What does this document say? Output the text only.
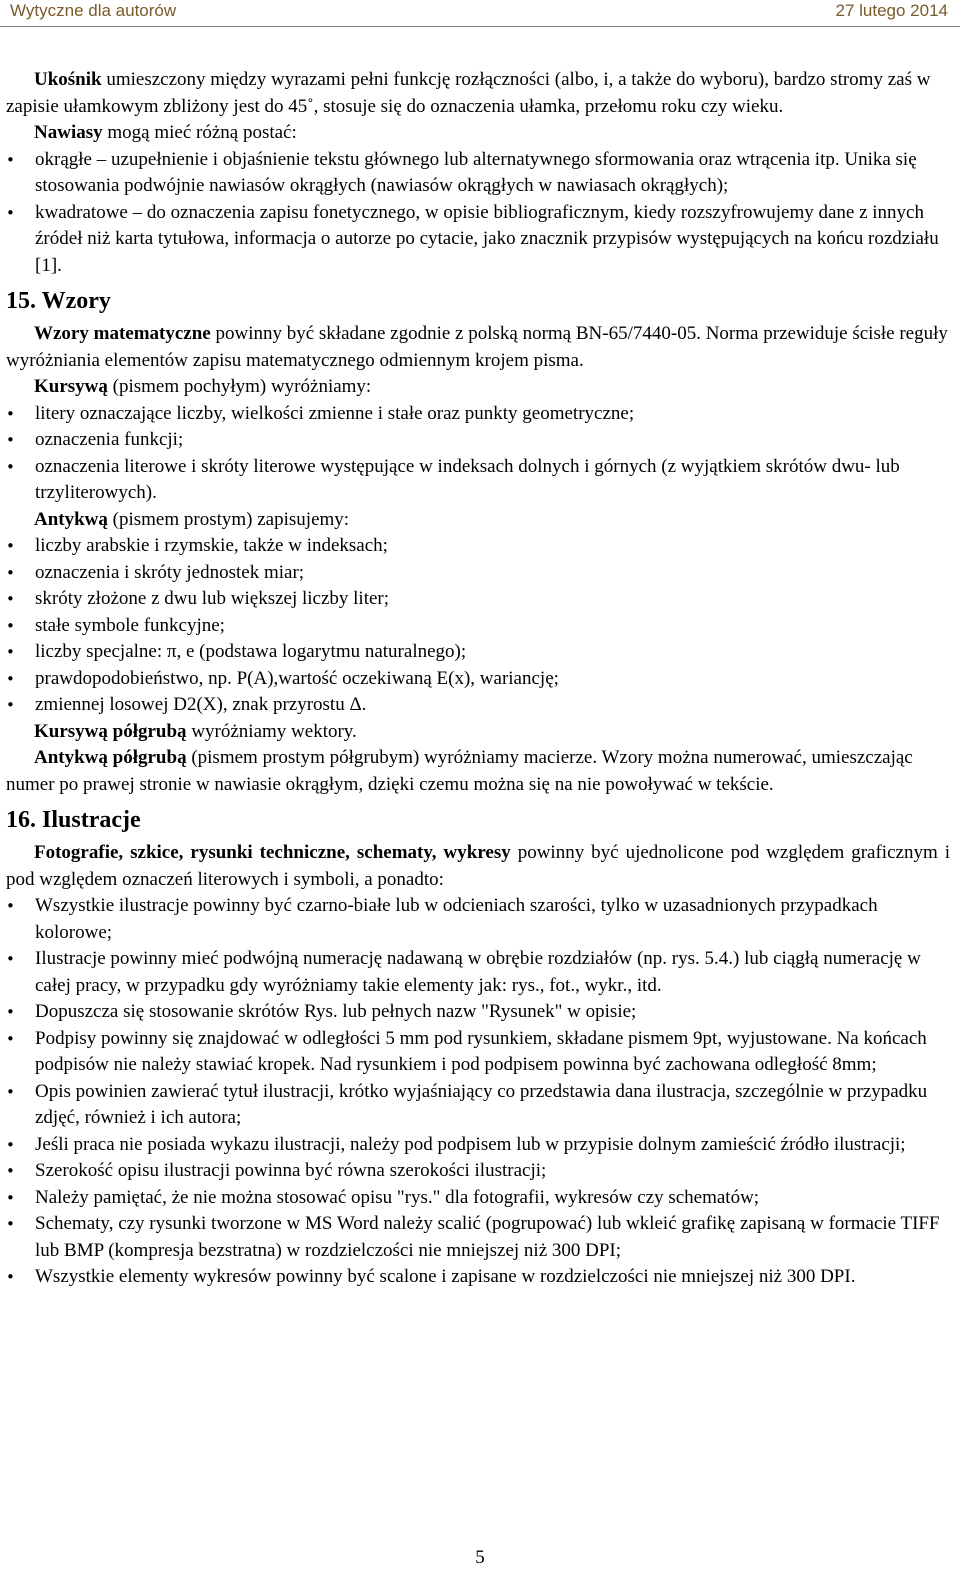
Wytyczne dla autorów	27 lutego 2014

Ukośnik umieszczony między wyrazami pełni funkcję rozłączności (albo, i, a także do wyboru), bardzo stromy zaś w zapisie ułamkowym zbliżony jest do 45˚, stosuje się do oznaczenia ułamka, przełomu roku czy wieku.

Nawiasy mogą mieć różną postać:

• okrągłe – uzupełnienie i objaśnienie tekstu głównego lub alternatywnego sformowania oraz wtrącenia itp. Unika się stosowania podwójnie nawiasów okrągłych (nawiasów okrągłych w nawiasach okrągłych);
• kwadratowe – do oznaczenia zapisu fonetycznego, w opisie bibliograficznym, kiedy rozszyfrowujemy dane z innych źródeł niż karta tytułowa, informacja o autorze po cytacie, jako znacznik przypisów występujących na końcu rozdziału [1].
15. Wzory

Wzory matematyczne powinny być składane zgodnie z polską normą BN-65/7440-05. Norma przewiduje ścisłe reguły wyróżniania elementów zapisu matematycznego odmiennym krojem pisma.

Kursywą (pismem pochyłym) wyróżniamy:

• litery oznaczające liczby, wielkości zmienne i stałe oraz punkty geometryczne;
• oznaczenia funkcji;
• oznaczenia literowe i skróty literowe występujące w indeksach dolnych i górnych (z wyjątkiem skrótów dwu- lub trzyliterowych).

Antykwą (pismem prostym) zapisujemy:

• liczby arabskie i rzymskie, także w indeksach;
• oznaczenia i skróty jednostek miar;
• skróty złożone z dwu lub większej liczby liter;
• stałe symbole funkcyjne;
• liczby specjalne: π, e (podstawa logarytmu naturalnego);
• prawdopodobieństwo, np. P(A),wartość oczekiwaną E(x), wariancję;
• zmiennej losowej D2(X), znak przyrostu Δ.

Kursywą półgrubą wyróżniamy wektory.

Antykwą półgrubą (pismem prostym półgrubym) wyróżniamy macierze. Wzory można numerować, umieszczając numer po prawej stronie w nawiasie okrągłym, dzięki czemu można się na nie powoływać w tekście.

16. Ilustracje

Fotografie, szkice, rysunki techniczne, schematy, wykresy powinny być ujednolicone pod względem graficznym i pod względem oznaczeń literowych i symboli, a ponadto:

• Wszystkie ilustracje powinny być czarno-białe lub w odcieniach szarości, tylko w uzasadnionych przypadkach kolorowe;
• Ilustracje powinny mieć podwójną numerację nadawaną w obrębie rozdziałów (np. rys. 5.4.) lub ciągłą numerację w całej pracy, w przypadku gdy wyróżniamy takie elementy jak: rys., fot., wykr., itd.
• Dopuszcza się stosowanie skrótów Rys. lub pełnych nazw "Rysunek" w opisie;
• Podpisy powinny się znajdować w odległości 5 mm pod rysunkiem, składane pismem 9pt, wyjustowane. Na końcach podpisów nie należy stawiać kropek. Nad rysunkiem i pod podpisem powinna być zachowana odległość 8mm;
• Opis powinien zawierać tytuł ilustracji, krótko wyjaśniający co przedstawia dana ilustracja, szczególnie w przypadku zdjęć, również i ich autora;
• Jeśli praca nie posiada wykazu ilustracji, należy pod podpisem lub w przypisie dolnym zamieścić źródło ilustracji;
• Szerokość opisu ilustracji powinna być równa szerokości ilustracji;
• Należy pamiętać, że nie można stosować opisu "rys." dla fotografii, wykresów czy schematów;
• Schematy, czy rysunki tworzone w MS Word należy scalić (pogrupować) lub wkleić grafikę zapisaną w formacie TIFF lub BMP (kompresja bezstratna) w rozdzielczości nie mniejszej niż 300 DPI;
• Wszystkie elementy wykresów powinny być scalone i zapisane w rozdzielczości nie mniejszej niż 300 DPI.
5
